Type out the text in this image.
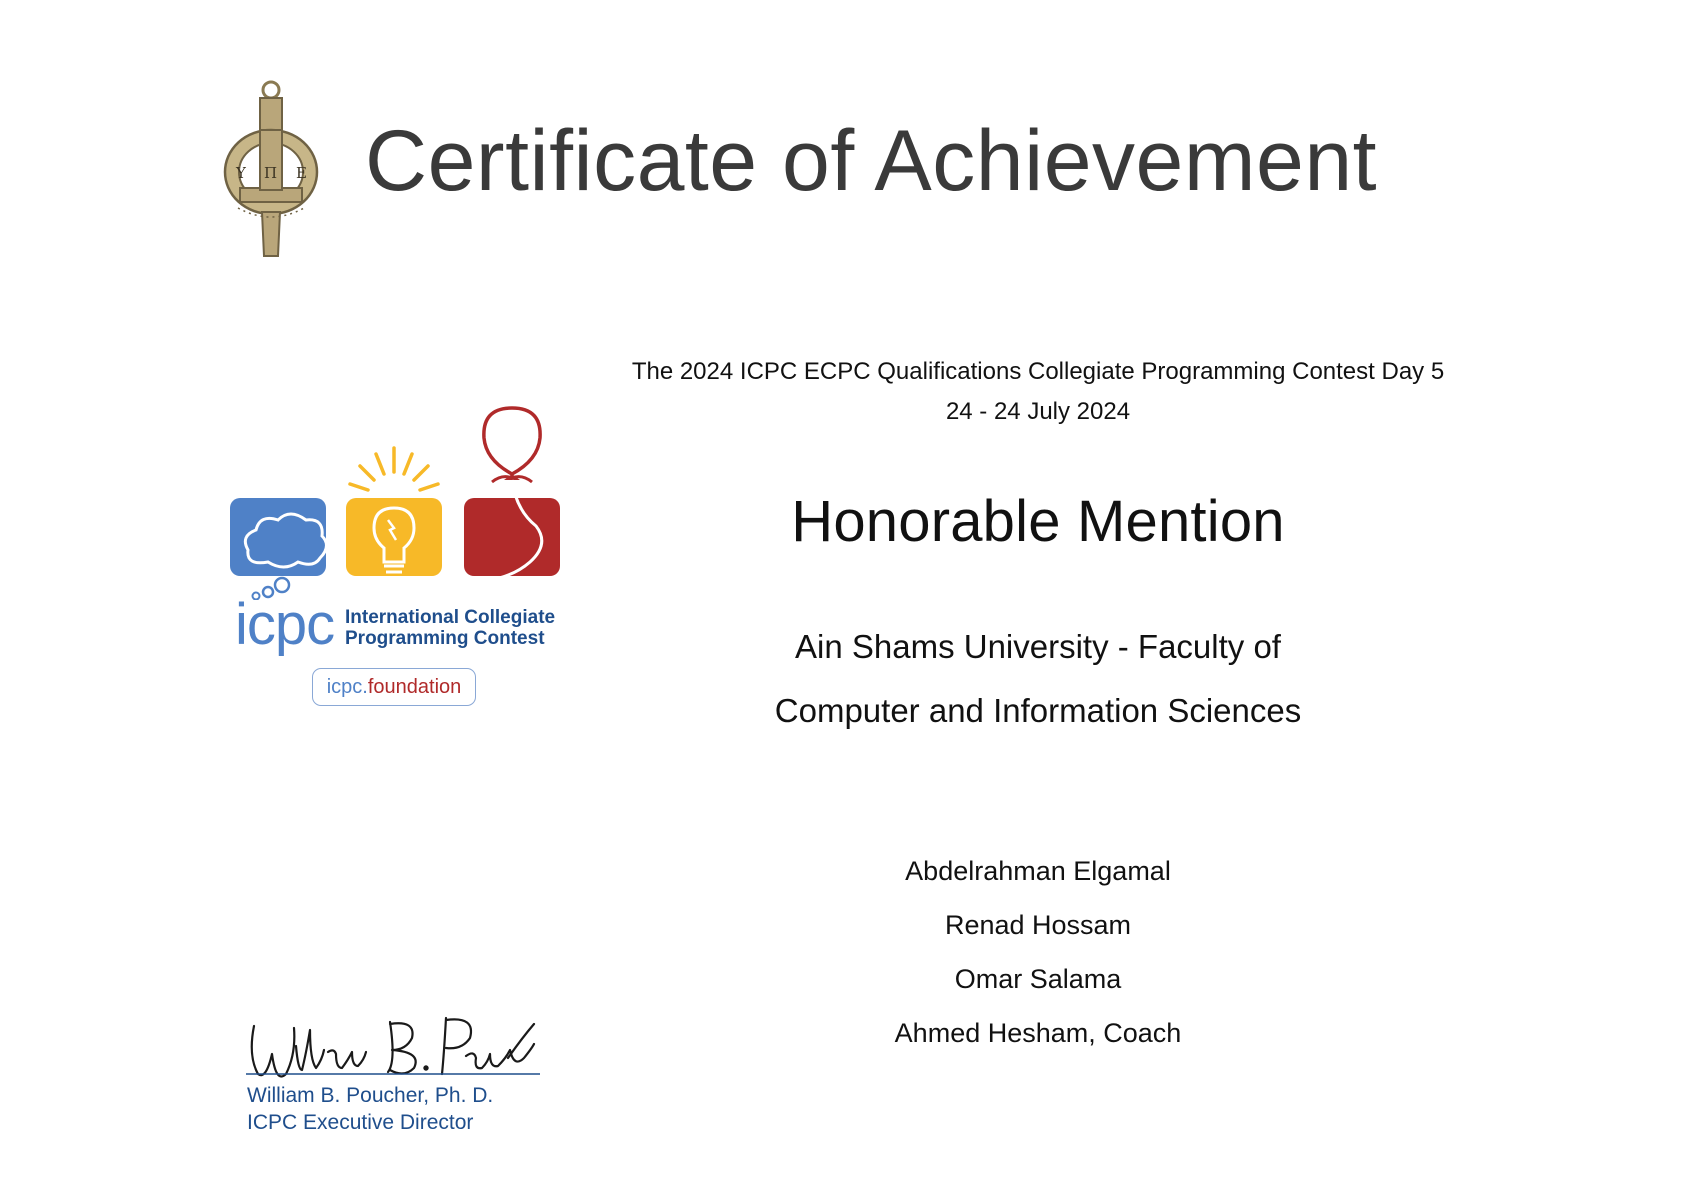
Y Π E Certificate of Achievement
icpc International Collegiate
Programming Contest
icpc.foundation
The 2024 ICPC ECPC Qualifications Collegiate Programming Contest Day 5
24 - 24 July 2024
Honorable Mention
Ain Shams University - Faculty of
Computer and Information Sciences
Abdelrahman Elgamal
Renad Hossam
Omar Salama
Ahmed Hesham, Coach
William B. Poucher, Ph. D.
ICPC Executive Director
